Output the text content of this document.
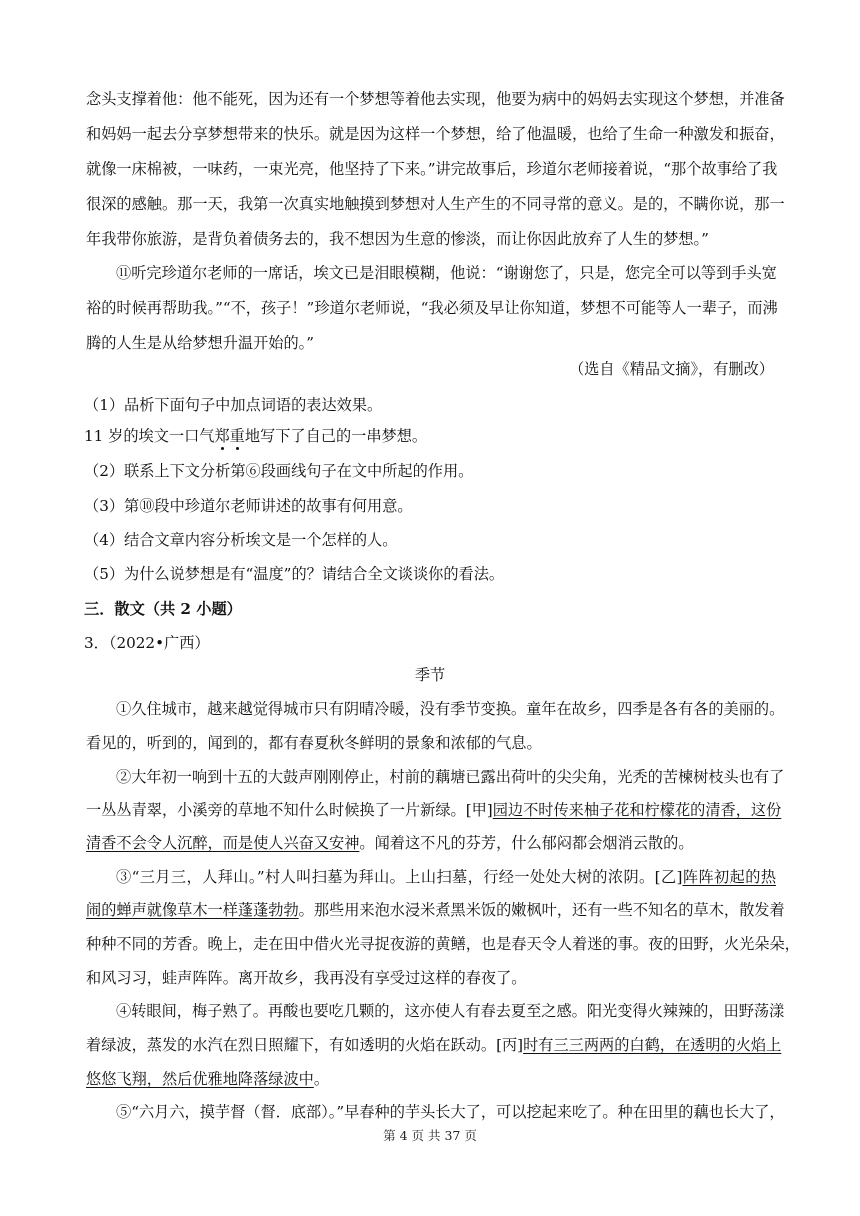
念头支撑着他：他不能死，因为还有一个梦想等着他去实现，他要为病中的妈妈去实现这个梦想，并准备
和妈妈一起去分享梦想带来的快乐。就是因为这样一个梦想，给了他温暖，也给了生命一种激发和振奋，
就像一床棉被，一味药，一束光亮，他坚持了下来。”讲完故事后，珍道尔老师接着说，“那个故事给了我
很深的感触。那一天，我第一次真实地触摸到梦想对人生产生的不同寻常的意义。是的，不瞒你说，那一
年我带你旅游，是背负着债务去的，我不想因为生意的惨淡，而让你因此放弃了人生的梦想。”
⑪听完珍道尔老师的一席话，埃文已是泪眼模糊，他说：“谢谢您了，只是，您完全可以等到手头宽
裕的时候再帮助我。”“不，孩子！”珍道尔老师说，“我必须及早让你知道，梦想不可能等人一辈子，而沸
腾的人生是从给梦想升温开始的。”
（选自《精品文摘》，有删改）
（1）品析下面句子中加点词语的表达效果。
11 岁的埃文一口气郑重地写下了自己的一串梦想。
（2）联系上下文分析第⑥段画线句子在文中所起的作用。
（3）第⑩段中珍道尔老师讲述的故事有何用意。
（4）结合文章内容分析埃文是一个怎样的人。
（5）为什么说梦想是有“温度”的？请结合全文谈谈你的看法。
三．散文（共 2 小题）
3．（2022•广西）
季节
①久住城市，越来越觉得城市只有阴晴冷暖，没有季节变换。童年在故乡，四季是各有各的美丽的。
看见的，听到的，闻到的，都有春夏秋冬鲜明的景象和浓郁的气息。
②大年初一响到十五的大鼓声刚刚停止，村前的藕塘已露出荷叶的尖尖角，光秃的苦楝树枝头也有了
一丛丛青翠，小溪旁的草地不知什么时候换了一片新绿。[甲]园边不时传来柚子花和柠檬花的清香，这份
清香不会令人沉醉，而是使人兴奋又安神。闻着这不凡的芬芳，什么郁闷都会烟消云散的。
③“三月三，人拜山。”村人叫扫墓为拜山。上山扫墓，行经一处处大树的浓阴。[乙]阵阵初起的热
闹的蝉声就像草木一样蓬蓬勃勃。那些用来泡水浸米煮黑米饭的嫩枫叶，还有一些不知名的草木，散发着
种种不同的芳香。晚上，走在田中借火光寻捉夜游的黄鳝，也是春天令人着迷的事。夜的田野，火光朵朵，
和风习习，蛙声阵阵。离开故乡，我再没有享受过这样的春夜了。
④转眼间，梅子熟了。再酸也要吃几颗的，这亦使人有春去夏至之感。阳光变得火辣辣的，田野荡漾
着绿波，蒸发的水汽在烈日照耀下，有如透明的火焰在跃动。[丙]时有三三两两的白鹤，在透明的火焰上
悠悠飞翔，然后优雅地降落绿波中。
⑤“六月六，摸芋督（督．底部）。”早春种的芋头长大了，可以挖起来吃了。种在田里的藕也长大了，
第 4 页 共 37 页
